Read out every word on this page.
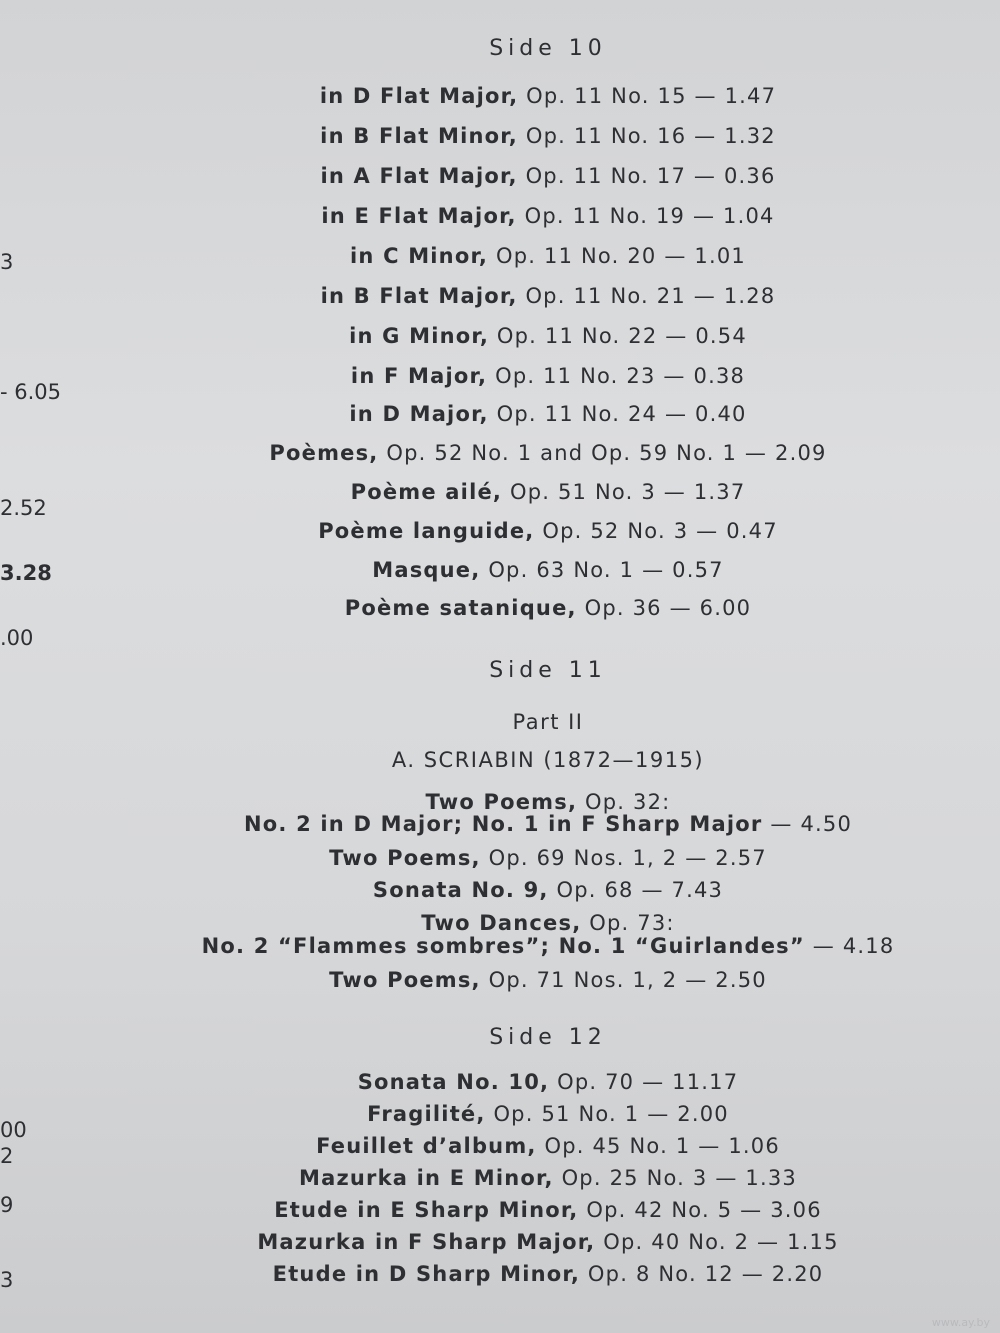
3
- 6.05
2.52
3.28
.00
00
2
9
3
Side 10
in D Flat Major, Op. 11 No. 15 — 1.47
in B Flat Minor, Op. 11 No. 16 — 1.32
in A Flat Major, Op. 11 No. 17 — 0.36
in E Flat Major, Op. 11 No. 19 — 1.04
in C Minor, Op. 11 No. 20 — 1.01
in B Flat Major, Op. 11 No. 21 — 1.28
in G Minor, Op. 11 No. 22 — 0.54
in F Major, Op. 11 No. 23 — 0.38
in D Major, Op. 11 No. 24 — 0.40
Poèmes, Op. 52 No. 1 and Op. 59 No. 1 — 2.09
Poème ailé, Op. 51 No. 3 — 1.37
Poème languide, Op. 52 No. 3 — 0.47
Masque, Op. 63 No. 1 — 0.57
Poème satanique, Op. 36 — 6.00
Side 11
Part II
A. SCRIABIN (1872—1915)
Two Poems, Op. 32:
No. 2 in D Major; No. 1 in F Sharp Major — 4.50
Two Poems, Op. 69 Nos. 1, 2 — 2.57
Sonata No. 9, Op. 68 — 7.43
Two Dances, Op. 73:
No. 2 “Flammes sombres”; No. 1 “Guirlandes” — 4.18
Two Poems, Op. 71 Nos. 1, 2 — 2.50
Side 12
Sonata No. 10, Op. 70 — 11.17
Fragilité, Op. 51 No. 1 — 2.00
Feuillet d’album, Op. 45 No. 1 — 1.06
Mazurka in E Minor, Op. 25 No. 3 — 1.33
Etude in E Sharp Minor, Op. 42 No. 5 — 3.06
Mazurka in F Sharp Major, Op. 40 No. 2 — 1.15
Etude in D Sharp Minor, Op. 8 No. 12 — 2.20
www.ay.by
